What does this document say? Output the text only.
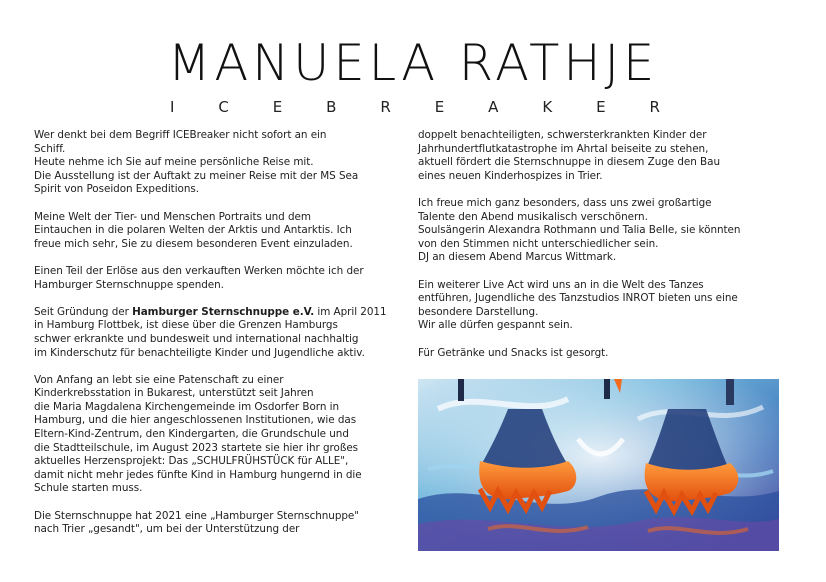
MANUELA RATHJE
I	C	E	B	R	E	A	K	E	R

Wer denkt bei dem Begriff ICEBreaker nicht sofort an ein
Schiff.
Heute nehme ich Sie auf meine persönliche Reise mit.
Die Ausstellung ist der Auftakt zu meiner Reise mit der MS Sea
Spirit von Poseidon Expeditions.

Meine Welt der Tier- und Menschen Portraits und dem
Eintauchen in die polaren Welten der Arktis und Antarktis. Ich
freue mich sehr, Sie zu diesem besonderen Event einzuladen.

Einen Teil der Erlöse aus den verkauften Werken möchte ich der
Hamburger Sternschnuppe spenden.

Seit Gründung der Hamburger Sternschnuppe e.V. im April 2011
in Hamburg Flottbek, ist diese über die Grenzen Hamburgs
schwer erkrankte und bundesweit und international nachhaltig
im Kinderschutz für benachteiligte Kinder und Jugendliche aktiv.

Von Anfang an lebt sie eine Patenschaft zu einer
Kinderkrebsstation in Bukarest, unterstützt seit Jahren
die Maria Magdalena Kirchengemeinde im Osdorfer Born in
Hamburg, und die hier angeschlossenen Institutionen, wie das
Eltern-Kind-Zentrum, den Kindergarten, die Grundschule und
die Stadtteilschule, im August 2023 startete sie hier ihr großes
aktuelles Herzensprojekt: Das „SCHULFRÜHSTÜCK für ALLE",
damit nicht mehr jedes fünfte Kind in Hamburg hungernd in die
Schule starten muss.

Die Sternschnuppe hat 2021 eine „Hamburger Sternschnuppe"
nach Trier „gesandt", um bei der Unterstützung der

doppelt benachteiligten, schwersterkrankten Kinder der
Jahrhundertflutkatastrophe im Ahrtal beiseite zu stehen,
aktuell fördert die Sternschnuppe in diesem Zuge den Bau
eines neuen Kinderhospizes in Trier.

Ich freue mich ganz besonders, dass uns zwei großartige
Talente den Abend musikalisch verschönern.
Soulsängerin Alexandra Rothmann und Talia Belle, sie könnten
von den Stimmen nicht unterschiedlicher sein.
DJ an diesem Abend Marcus Wittmark.

Ein weiterer Live Act wird uns an in die Welt des Tanzes
entführen, Jugendliche des Tanzstudios INROT bieten uns eine
besondere Darstellung.
Wir alle dürfen gespannt sein.

Für Getränke und Snacks ist gesorgt.
